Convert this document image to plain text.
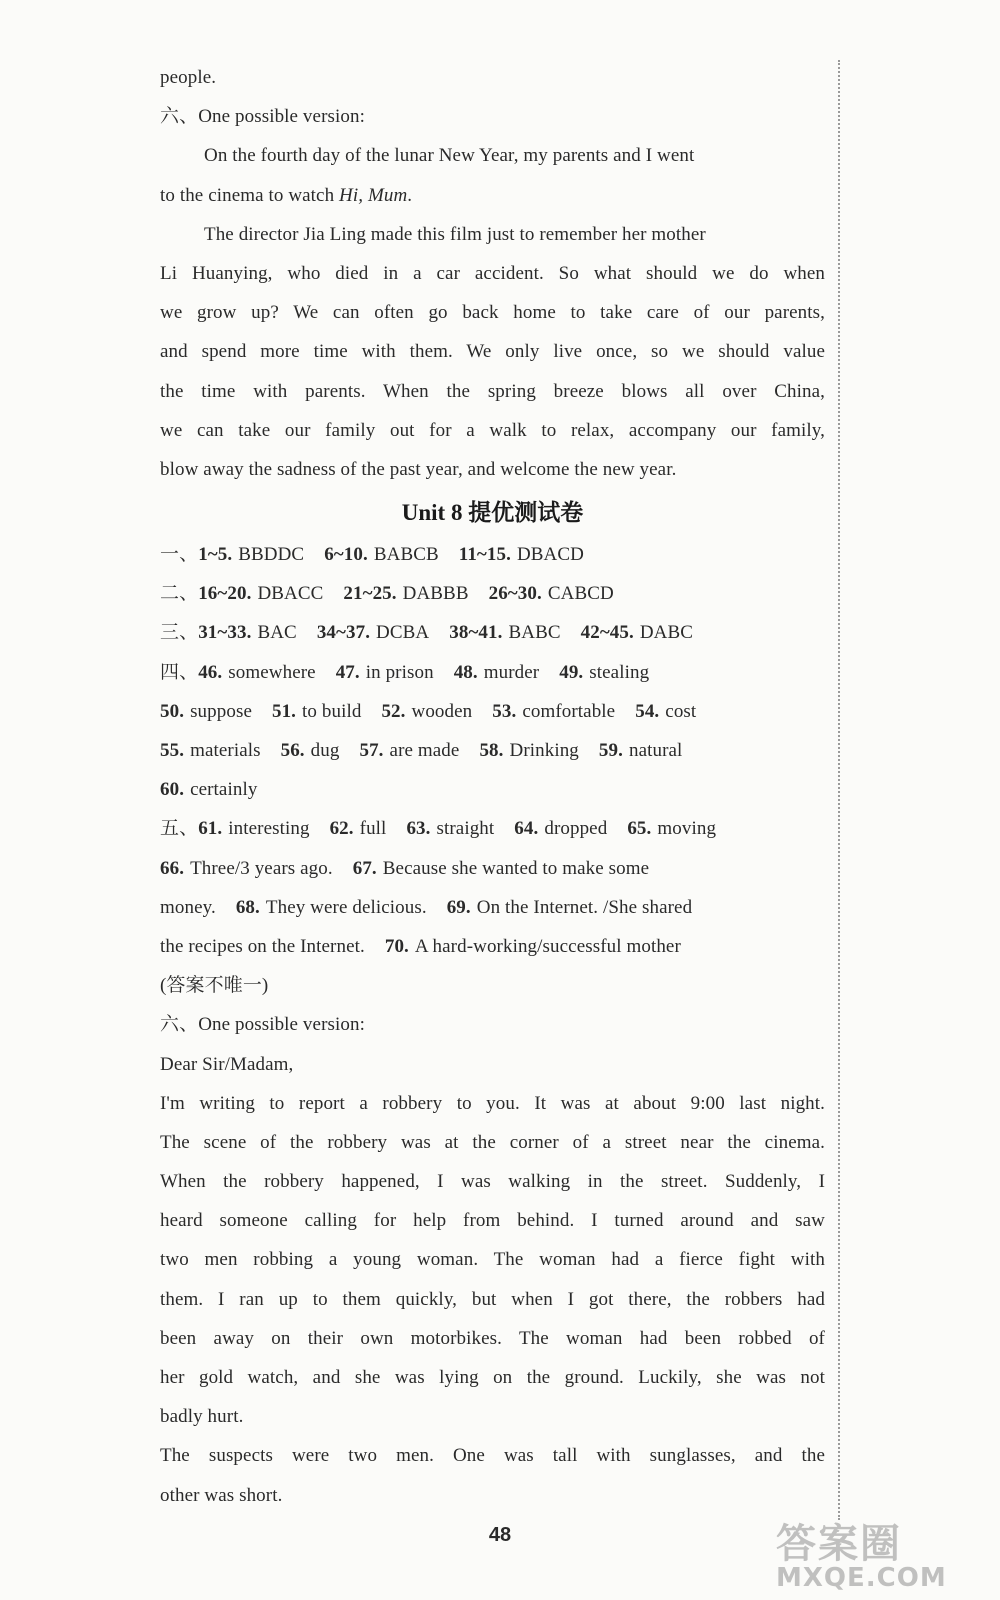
people.
六、One possible version:
On the fourth day of the lunar New Year, my parents and I went
to the cinema to watch Hi, Mum.
The director Jia Ling made this film just to remember her mother
Li Huanying, who died in a car accident. So what should we do when
we grow up? We can often go back home to take care of our parents,
and spend more time with them. We only live once, so we should value
the time with parents. When the spring breeze blows all over China,
we can take our family out for a walk to relax, accompany our family,
blow away the sadness of the past year, and welcome the new year.
Unit 8 提优测试卷
一、1~5. BBDDC 6~10. BABCB 11~15. DBACD
二、16~20. DBACC 21~25. DABBB 26~30. CABCD
三、31~33. BAC 34~37. DCBA 38~41. BABC 42~45. DABC
四、46. somewhere 47. in prison 48. murder 49. stealing
50. suppose 51. to build 52. wooden 53. comfortable 54. cost
55. materials 56. dug 57. are made 58. Drinking 59. natural
60. certainly
五、61. interesting 62. full 63. straight 64. dropped 65. moving
66. Three/3 years ago. 67. Because she wanted to make some
money. 68. They were delicious. 69. On the Internet. /She shared
the recipes on the Internet. 70. A hard-working/successful mother
(答案不唯一)
六、One possible version:
Dear Sir/Madam,
I'm writing to report a robbery to you. It was at about 9:00 last night.
The scene of the robbery was at the corner of a street near the cinema.
When the robbery happened, I was walking in the street. Suddenly, I
heard someone calling for help from behind. I turned around and saw
two men robbing a young woman. The woman had a fierce fight with
them. I ran up to them quickly, but when I got there, the robbers had
been away on their own motorbikes. The woman had been robbed of
her gold watch, and she was lying on the ground. Luckily, she was not
badly hurt.
The suspects were two men. One was tall with sunglasses, and the
other was short.
48	答案圈
MXQE.COM
